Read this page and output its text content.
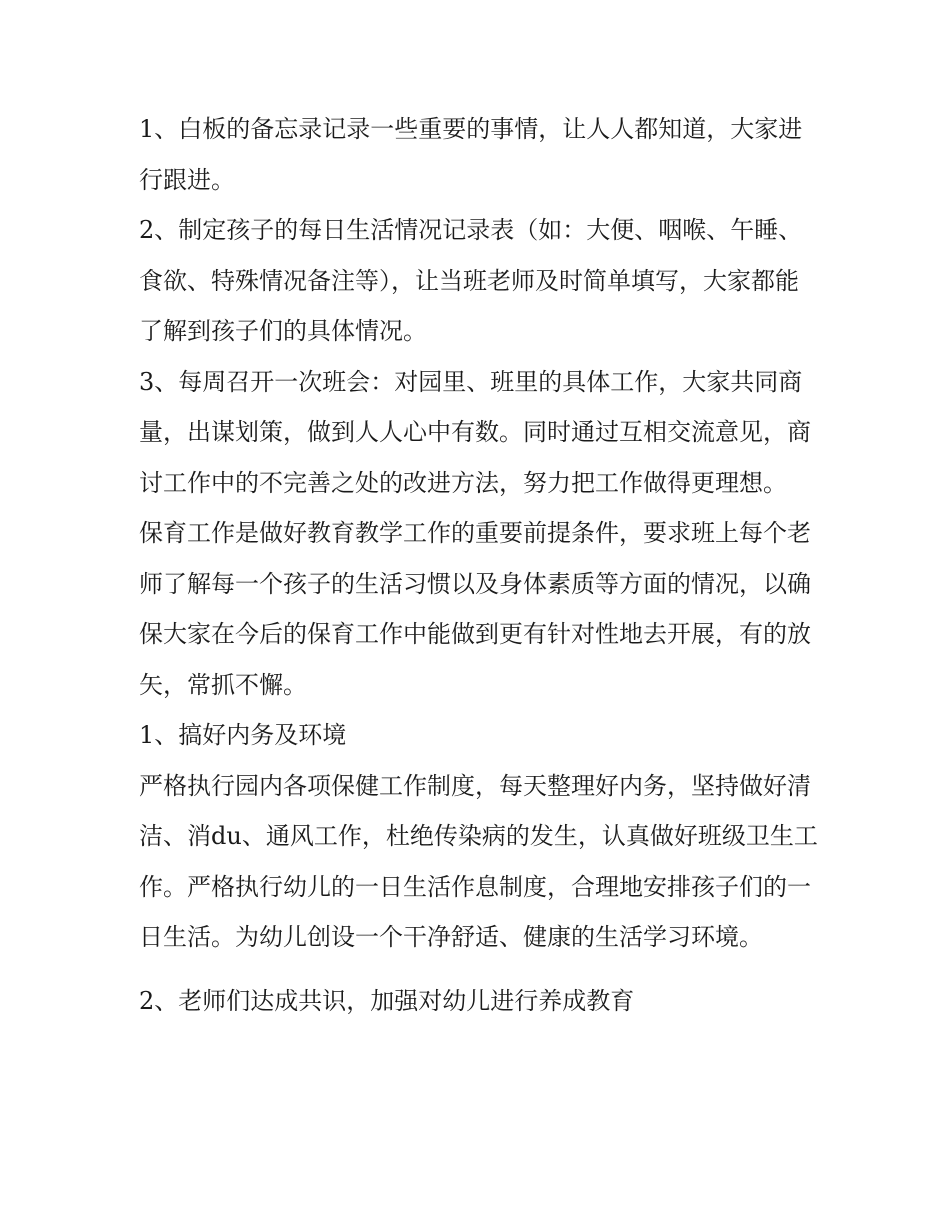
1、白板的备忘录记录一些重要的事情，让人人都知道，大家进行跟进。

2、制定孩子的每日生活情况记录表（如：大便、咽喉、午睡、食欲、特殊情况备注等），让当班老师及时简单填写，大家都能了解到孩子们的具体情况。

3、每周召开一次班会：对园里、班里的具体工作，大家共同商量，出谋划策，做到人人心中有数。同时通过互相交流意见，商讨工作中的不完善之处的改进方法，努力把工作做得更理想。

保育工作是做好教育教学工作的重要前提条件，要求班上每个老师了解每一个孩子的生活习惯以及身体素质等方面的情况，以确保大家在今后的保育工作中能做到更有针对性地去开展，有的放矢，常抓不懈。

1、搞好内务及环境

严格执行园内各项保健工作制度，每天整理好内务，坚持做好清洁、消du、通风工作，杜绝传染病的发生，认真做好班级卫生工作。严格执行幼儿的一日生活作息制度，合理地安排孩子们的一日生活。为幼儿创设一个干净舒适、健康的生活学习环境。

2、老师们达成共识，加强对幼儿进行养成教育
